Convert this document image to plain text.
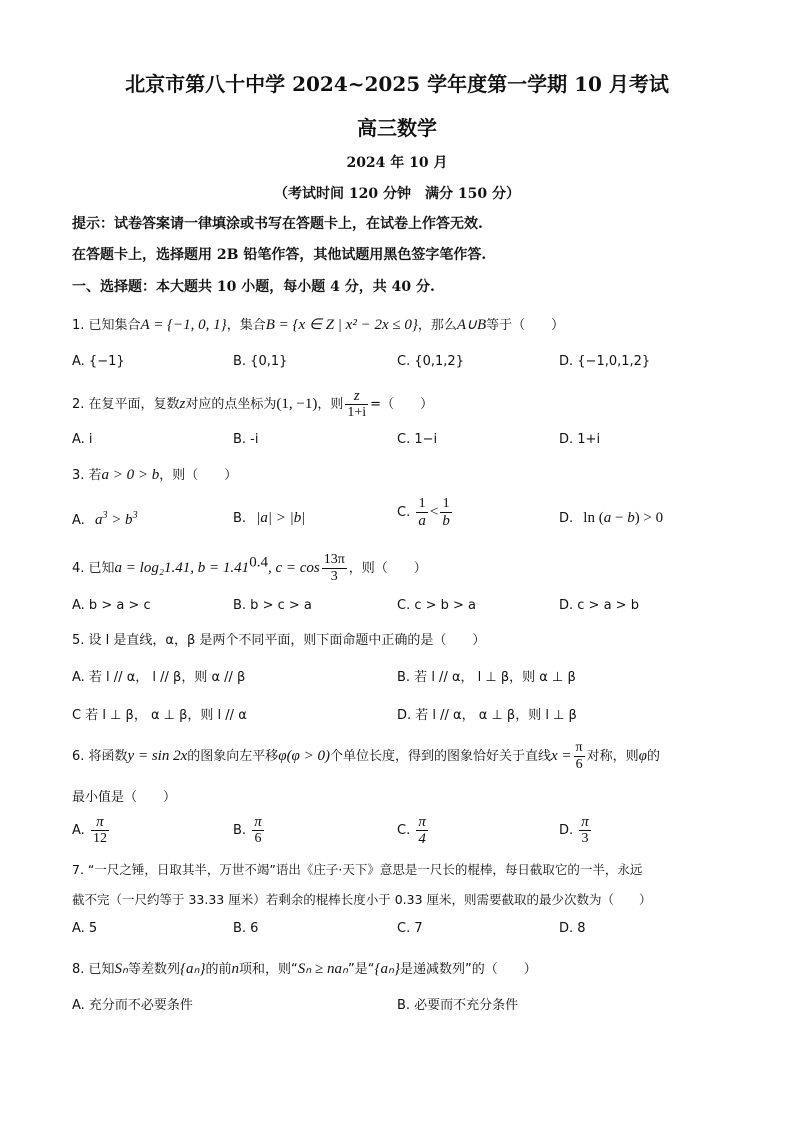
北京市第八十中学 2024~2025 学年度第一学期 10 月考试
高三数学
2024 年 10 月
（考试时间 120 分钟　满分 150 分）
提示：试卷答案请一律填涂或书写在答题卡上，在试卷上作答无效.
在答题卡上，选择题用 2B 铅笔作答，其他试题用黑色签字笔作答.
一、选择题：本大题共 10 小题，每小题 4 分，共 40 分.
1. 已知集合A = {−1, 0, 1}，集合B = {x ∈ Z | x² − 2x ≤ 0}，那么A∪B等于（　　）
A. {−1}	B. {0,1}	C. {0,1,2}	D. {−1,0,1,2}
2. 在复平面，复数z对应的点坐标为(1, −1)，则 $\frac{z}{1+i}$ =（　　）
A. i	B. -i	C. 1−i	D. 1+i
3. 若a > 0 > b，则（　　）
A. $a^3 > b^3$	B. |a| > |b|	C. $\frac{1}{a} < \frac{1}{b}$	D. ln (a − b) > 0
4. 已知a = log₂1.41, $b = 1.41^{0.4}$, $c = \cos \frac{13\pi}{3}$ ，则（　　）
A. b > a > c	B. b > c > a	C. c > b > a	D. c > a > b
5. 设 l 是直线，α，β 是两个不同平面，则下面命题中正确的是（　　）
A. 若 l // α， l // β，则 α // β	B. 若 l // α， l ⊥ β，则 α ⊥ β
C 若 l ⊥ β， α ⊥ β，则 l // α	D. 若 l // α， α ⊥ β，则 l ⊥ β
6. 将函数y = sin 2x的图象向左平移φ(φ > 0)个单位长度，得到的图象恰好关于直线$x = \frac{\pi}{6}$ 对称，则φ的
最小值是（　　）
A. $\frac{\pi}{12}$	B. $\frac{\pi}{6}$	C. $\frac{\pi}{4}$	D. $\frac{\pi}{3}$
7. “一尺之锤，日取其半，万世不竭”语出《庄子·天下》意思是一尺长的棍棒，每日截取它的一半，永远
截不完（一尺约等于 33.33 厘米）若剩余的棍棒长度小于 0.33 厘米，则需要截取的最少次数为（　　）
A. 5	B. 6	C. 7	D. 8
8. 已知Sₙ等差数列{aₙ}的前n项和，则“Sₙ ≥ naₙ”是“{aₙ}是递减数列”的（　　）
A. 充分而不必要条件	B. 必要而不充分条件
